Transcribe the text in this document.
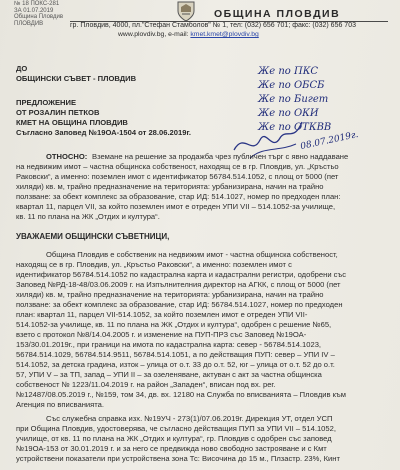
№ 18 ПОКС-281
ЗА 01.07.2019
Община Пловдив
ПЛОВДИВ
ОБЩИНА ПЛОВДИВ
гр. Пловдив, 4000, пл."Стефан Стамболов" № 1, тел: (032) 656 701; факс: (032) 656 703
www.plovdiv.bg, e-mail: kmet.kmet@plovdiv.bg
ДО
ОБЩИНСКИ СЪВЕТ - ПЛОВДИВ
Же по ПКС
Же по ОБСБ
Же по Бигет
Же по ОКИ
Же по ОТКВВ
08.07.2019г.
ПРЕДЛОЖЕНИЕ
ОТ РОЗАЛИН ПЕТКОВ
КМЕТ НА ОБЩИНА ПЛОВДИВ
Съгласно Заповед №19ОА-1504 от 28.06.2019г.
ОТНОСНО: Вземане на решение за продажба чрез публичен търг с явно наддаване
на недвижим имот – частна общинска собственост, находящ се в гр. Пловдив, ул. „Кръстьо
Раковски“, а именно: поземлен имот с идентификатор 56784.514.1052, с площ от 5000 (пет
хиляди) кв. м, трайно предназначение на територията: урбанизирана, начин на трайно
ползване: за обект комплекс за образование, стар ИД: 514.1027, номер по предходен план:
квартал 11, парцел VII, за който поземлен имот е отреден УПИ VII – 514.1052-за училище,
кв. 11 по плана на ЖК „Отдих и култура“.
УВАЖАЕМИ ОБЩИНСКИ СЪВЕТНИЦИ,
Община Пловдив е собственик на недвижим имот - частна общинска собственост,
находящ се в гр. Пловдив, ул. „Кръстьо Раковски“, а именно: поземлен имот с
идентификатор 56784.514.1052 по кадастрална карта и кадастрални регистри, одобрени със
Заповед №РД-18-48/03.06.2009 г. на Изпълнителния директор на АГКК, с площ от 5000 (пет
хиляди) кв. м, трайно предназначение на територията: урбанизирана, начин на трайно
ползване: за обект комплекс за образование, стар ИД: 56784.514.1027, номер по предходен
план: квартал 11, парцел VII-514.1052, за който поземлен имот е отреден УПИ VII-
514.1052-за училище, кв. 11 по плана на ЖК „Отдих и култура“, одобрен с решение №65,
взето с протокол №8/14.04.2005 г. и изменение на ПУП-ПРЗ със Заповед №19ОА-
153/30.01.2019г., при граници на имота по кадастрална карта: север - 56784.514.1023,
56784.514.1029, 56784.514.9511, 56784.514.1051, а по действащия ПУП: север – УПИ IV –
514.1052, за детска градина, изток – улица от о.т. 33 до о.т. 52, юг – улица от о.т. 52 до о.т.
57, УПИ V – за ТП, запад – УПИ II – за озеленяване, актуван с акт за частна общинска
собственост № 1223/11.04.2019 г. на район „Западен“, вписан под вх. рег.
№12487/08.05.2019 г., №159, том 34, дв. вх. 12180 на Служба по вписванията – Пловдив към
Агенция по вписванията.
Със служебна справка изх. №19УЧ - 273(1)/07.06.2019г. Дирекция УТ, отдел УСП
при Община Пловдив, удостоверява, че съгласно действащия ПУП за УПИ VII – 514.1052,
училище, от кв. 11 по плана на ЖК „Отдих и култура“, гр. Пловдив с одобрен със заповед
№19ОА-153 от 30.01.2019 г. и за него се предвижда ново свободно застрояване и с Кмт
устройствени показатели при устройствена зона Тс: Височина до 15 м., Плзастр. 23%, Кинт
